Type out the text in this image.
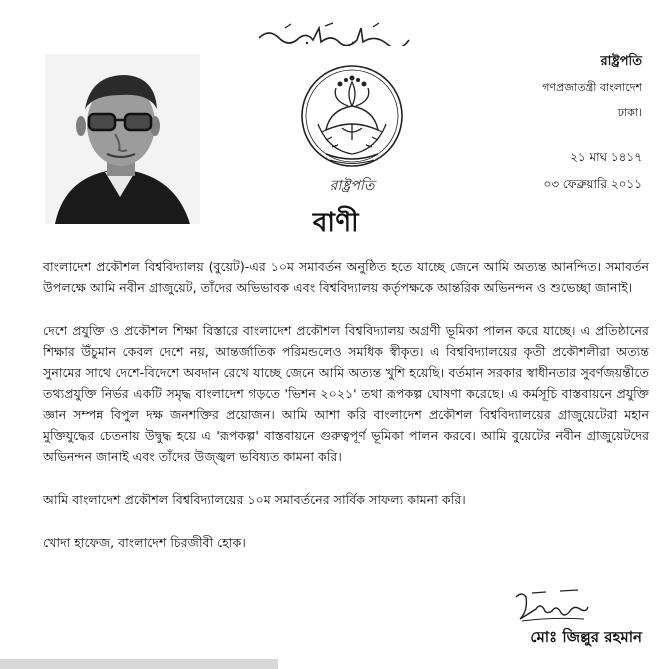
রাষ্ট্রপতি

রাষ্ট্রপতি

গণপ্রজাতন্ত্রী বাংলাদেশ

ঢাকা।

২১ মাঘ ১৪১৭

০৩ ফেব্রুয়ারি ২০১১

বাণী

বাংলাদেশ প্রকৌশল বিশ্ববিদ্যালয় (বুয়েট)-এর ১০ম সমাবর্তন অনুষ্ঠিত হতে যাচ্ছে জেনে আমি অত্যন্ত আনন্দিত। সমাবর্তন উপলক্ষে আমি নবীন গ্রাজুয়েট, তাঁদের অভিভাবক এবং বিশ্ববিদ্যালয় কর্তৃপক্ষকে আন্তরিক অভিনন্দন ও শুভেচ্ছা জানাই।

দেশে প্রযুক্তি ও প্রকৌশল শিক্ষা বিস্তারে বাংলাদেশ প্রকৌশল বিশ্ববিদ্যালয় অগ্রণী ভূমিকা পালন করে যাচ্ছে। এ প্রতিষ্ঠানের শিক্ষার উঁচুমান কেবল দেশে নয়, আন্তর্জাতিক পরিমন্ডলেও সমধিক স্বীকৃত। এ বিশ্ববিদ্যালয়ের কৃতী প্রকৌশলীরা অত্যন্ত সুনামের সাথে দেশে-বিদেশে অবদান রেখে যাচ্ছে জেনে আমি অত্যন্ত খুশি হয়েছি। বর্তমান সরকার স্বাধীনতার সুবর্ণজয়ন্তীতে তথ্যপ্রযুক্তি নির্ভর একটি সমৃদ্ধ বাংলাদেশ গড়তে 'ভিশন ২০২১' তথা রূপকল্প ঘোষণা করেছে। এ কর্মসূচি বাস্তবায়নে প্রযুক্তি জ্ঞান সম্পন্ন বিপুল দক্ষ জনশক্তির প্রয়োজন। আমি আশা করি বাংলাদেশ প্রকৌশল বিশ্ববিদ্যালয়ের গ্রাজুয়েটেরা মহান মুক্তিযুদ্ধের চেতনায় উদ্বুদ্ধ হয়ে এ 'রূপকল্প' বাস্তবায়নে গুরুত্বপূর্ণ ভূমিকা পালন করবে। আমি বুয়েটের নবীন গ্রাজুয়েটদের অভিনন্দন জানাই এবং তাঁদের উজ্জ্বল ভবিষ্যত কামনা করি।

আমি বাংলাদেশ প্রকৌশল বিশ্ববিদ্যালয়ের ১০ম সমাবর্তনের সার্বিক সাফল্য কামনা করি।

খোদা হাফেজ, বাংলাদেশ চিরজীবী হোক।

মোঃ জিল্লুর রহমান
